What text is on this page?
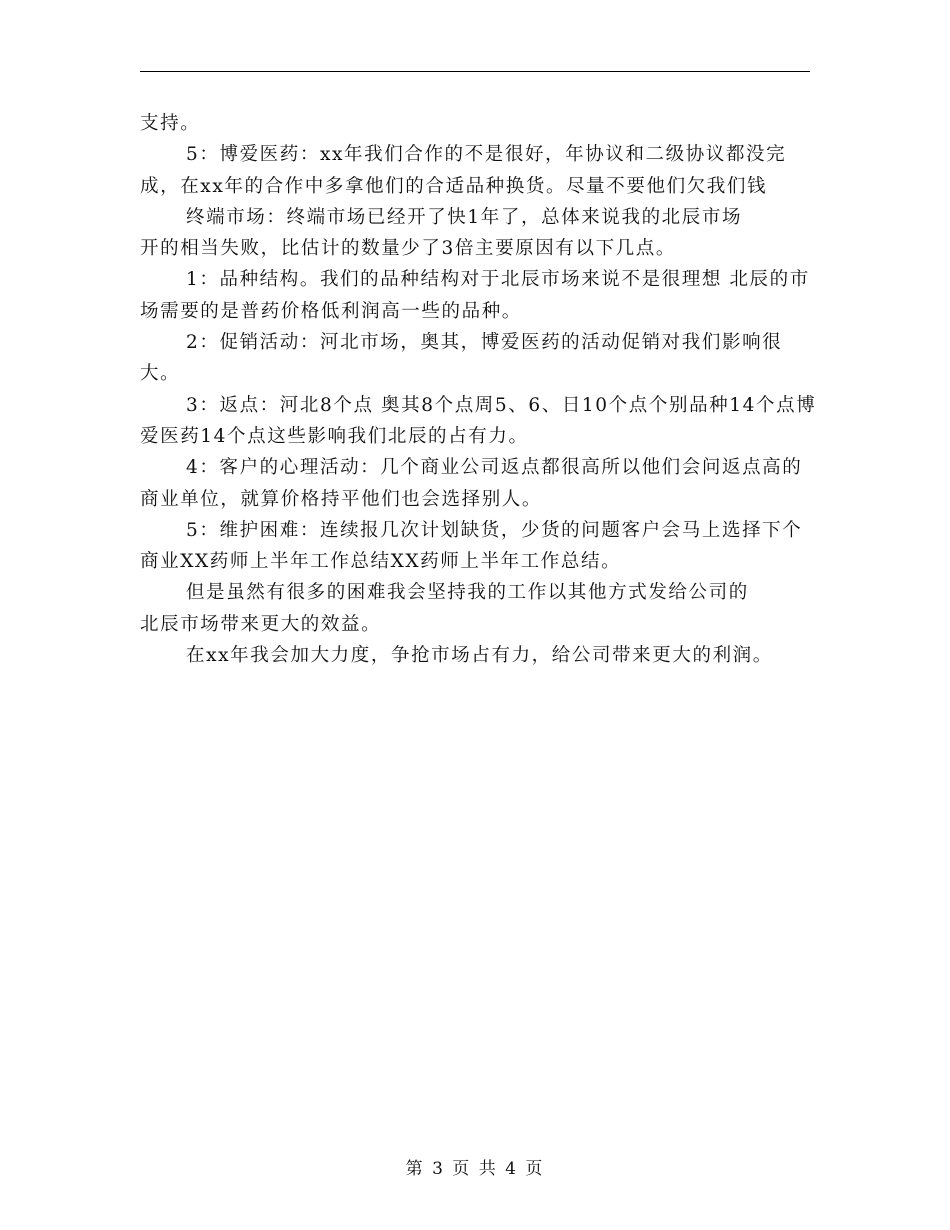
支持。

5：博爱医药：xx年我们合作的不是很好，年协议和二级协议都没完成，在xx年的合作中多拿他们的合适品种换货。尽量不要他们欠我们钱

终端市场：终端市场已经开了快1年了，总体来说我的北辰市场
开的相当失败，比估计的数量少了3倍主要原因有以下几点。

1：品种结构。我们的品种结构对于北辰市场来说不是很理想 北辰的市场需要的是普药价格低利润高一些的品种。

2：促销活动：河北市场，奥其，博爱医药的活动促销对我们影响很大。

3：返点：河北8个点 奥其8个点周5、6、日10个点个别品种14个点博爱医药14个点这些影响我们北辰的占有力。

4：客户的心理活动：几个商业公司返点都很高所以他们会问返点高的商业单位，就算价格持平他们也会选择别人。

5：维护困难：连续报几次计划缺货，少货的问题客户会马上选择下个商业XX药师上半年工作总结XX药师上半年工作总结。

但是虽然有很多的困难我会坚持我的工作以其他方式发给公司的
北辰市场带来更大的效益。

在xx年我会加大力度，争抢市场占有力，给公司带来更大的利润。

第 3 页 共 4 页
